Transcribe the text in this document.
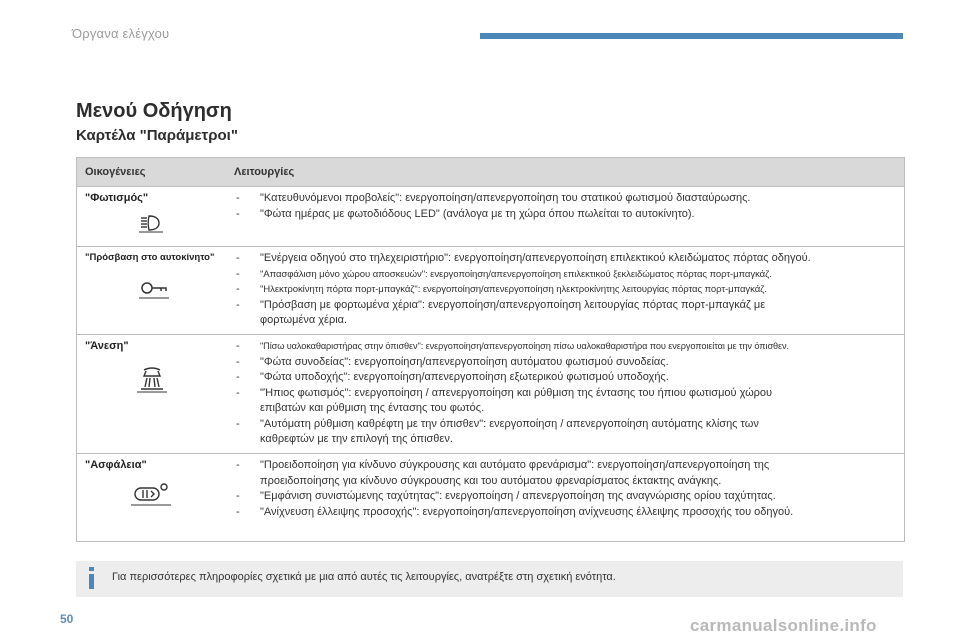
Όργανα ελέγχου
Μενού Οδήγηση
Καρτέλα "Παράμετροι"
Οικογένειες	Λειτουργίες
"Φωτισμός"	-	"Κατευθυνόμενοι προβολείς": ενεργοποίηση/απενεργοποίηση του στατικού φωτισμού διασταύρωσης.
-	"Φώτα ημέρας με φωτοδιόδους LED" (ανάλογα με τη χώρα όπου πωλείται το αυτοκίνητο).
"Πρόσβαση στο αυτοκίνητο"	-	"Ενέργεια οδηγού στο τηλεχειριστήριο": ενεργοποίηση/απενεργοποίηση επιλεκτικού κλειδώματος πόρτας οδηγού.
-	"Απασφάλιση μόνο χώρου αποσκευών": ενεργοποίηση/απενεργοποίηση επιλεκτικού ξεκλειδώματος πόρτας πορτ-μπαγκάζ.
-	"Ηλεκτροκίνητη πόρτα πορτ-μπαγκάζ": ενεργοποίηση/απενεργοποίηση ηλεκτροκίνητης λειτουργίας πόρτας πορτ-μπαγκάζ.
-	"Πρόσβαση με φορτωμένα χέρια": ενεργοποίηση/απενεργοποίηση λειτουργίας πόρτας πορτ-μπαγκάζ με
φορτωμένα χέρια.
"Άνεση"	-	"Πίσω υαλοκαθαριστήρας στην όπισθεν": ενεργοποίηση/απενεργοποίηση πίσω υαλοκαθαριστήρα που ενεργοποιείται με την όπισθεν.
-	"Φώτα συνοδείας": ενεργοποίηση/απενεργοποίηση αυτόματου φωτισμού συνοδείας.
-	"Φώτα υποδοχής": ενεργοποίηση/απενεργοποίηση εξωτερικού φωτισμού υποδοχής.
-	"Ήπιος φωτισμός": ενεργοποίηση / απενεργοποίηση και ρύθμιση της έντασης του ήπιου φωτισμού χώρου
επιβατών και ρύθμιση της έντασης του φωτός.
-	"Αυτόματη ρύθμιση καθρέφτη με την όπισθεν": ενεργοποίηση / απενεργοποίηση αυτόματης κλίσης των
καθρεφτών με την επιλογή της όπισθεν.
"Ασφάλεια"	-	"Προειδοποίηση για κίνδυνο σύγκρουσης και αυτόματο φρενάρισμα": ενεργοποίηση/απενεργοποίηση της
προειδοποίησης για κίνδυνο σύγκρουσης και του αυτόματου φρεναρίσματος έκτακτης ανάγκης.
-	"Εμφάνιση συνιστώμενης ταχύτητας": ενεργοποίηση / απενεργοποίηση της αναγνώρισης ορίου ταχύτητας.
-	"Ανίχνευση έλλειψης προσοχής": ενεργοποίηση/απενεργοποίηση ανίχνευσης έλλειψης προσοχής του οδηγού.
Για περισσότερες πληροφορίες σχετικά με μια από αυτές τις λειτουργίες, ανατρέξτε στη σχετική ενότητα.
50	carmanualsonline.info
